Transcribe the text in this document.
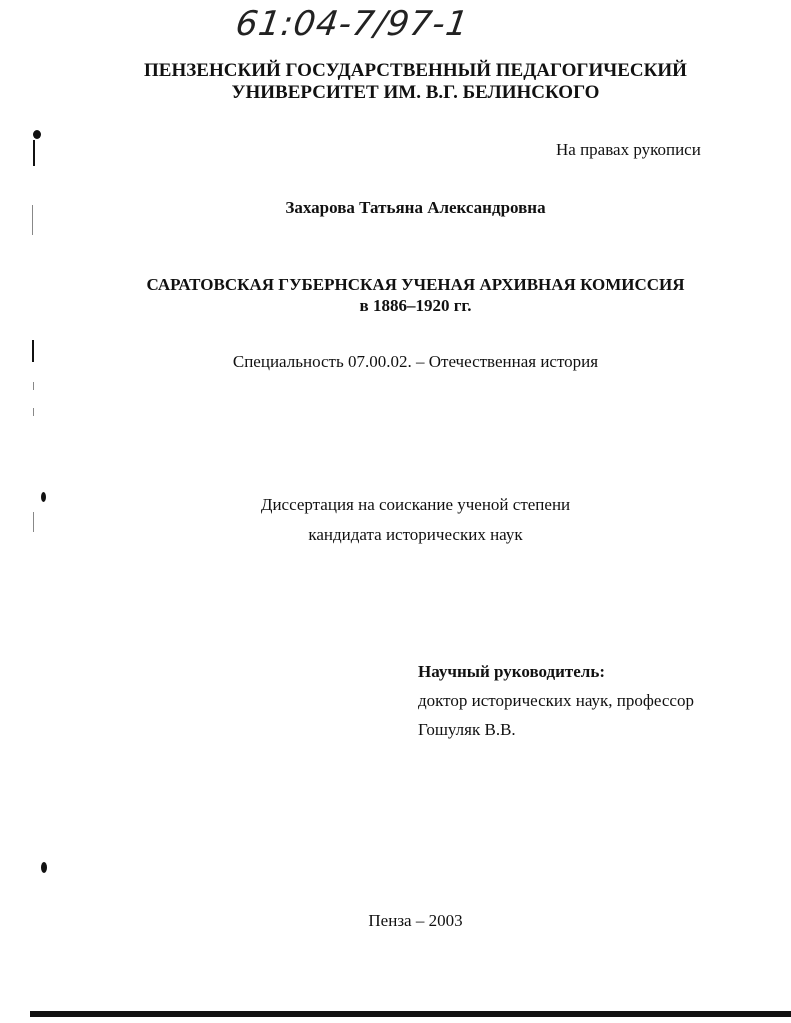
61:04-7/97-1
ПЕНЗЕНСКИЙ ГОСУДАРСТВЕННЫЙ ПЕДАГОГИЧЕСКИЙ
УНИВЕРСИТЕТ ИМ. В.Г. БЕЛИНСКОГО
На правах рукописи
Захарова Татьяна Александровна
САРАТОВСКАЯ ГУБЕРНСКАЯ УЧЕНАЯ АРХИВНАЯ КОМИССИЯ
в 1886–1920 гг.
Специальность 07.00.02. – Отечественная история
Диссертация на соискание ученой степени
кандидата исторических наук
Научный руководитель:
доктор исторических наук, профессор
Гошуляк В.В.
Пенза – 2003
